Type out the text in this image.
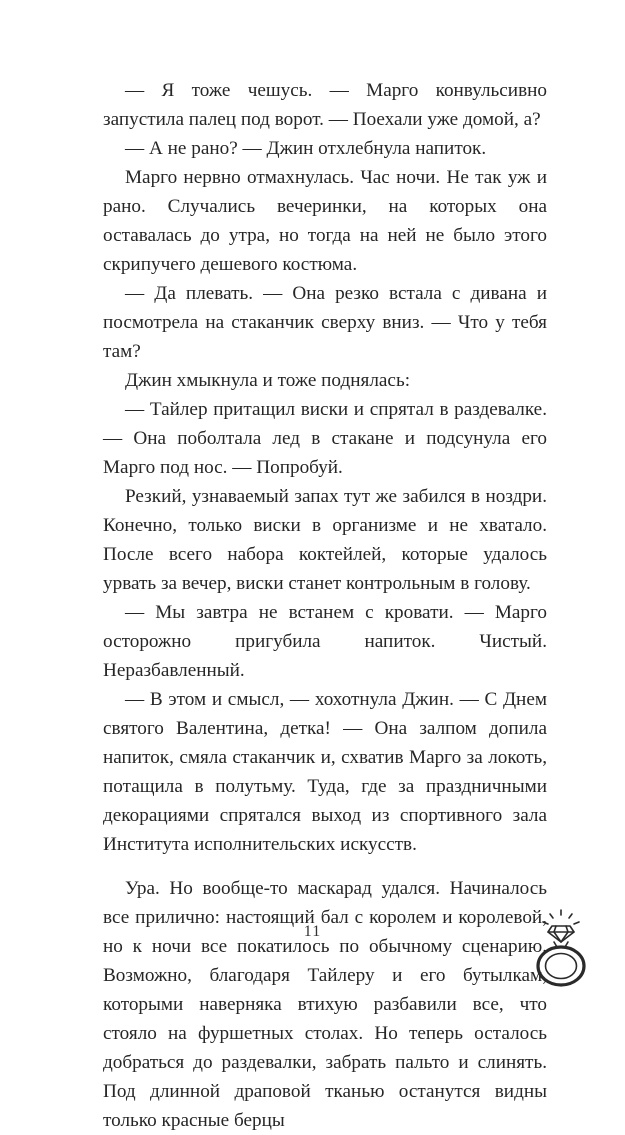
— Я тоже чешусь. — Марго конвульсивно запустила палец под ворот. — Поехали уже домой, а?

— А не рано? — Джин отхлебнула напиток.

Марго нервно отмахнулась. Час ночи. Не так уж и рано. Случались вечеринки, на которых она оставалась до утра, но тогда на ней не было этого скрипучего дешевого костюма.

— Да плевать. — Она резко встала с дивана и посмотрела на стаканчик сверху вниз. — Что у тебя там?

Джин хмыкнула и тоже поднялась:

— Тайлер притащил виски и спрятал в раздевалке. — Она поболтала лед в стакане и подсунула его Марго под нос. — Попробуй.

Резкий, узнаваемый запах тут же забился в ноздри. Конечно, только виски в организме и не хватало. После всего набора коктейлей, которые удалось урвать за вечер, виски станет контрольным в голову.

— Мы завтра не встанем с кровати. — Марго осторожно пригубила напиток. Чистый. Неразбавленный.

— В этом и смысл, — хохотнула Джин. — С Днем святого Валентина, детка! — Она залпом допила напиток, смяла стаканчик и, схватив Марго за локоть, потащила в полутьму. Туда, где за праздничными декорациями спрятался выход из спортивного зала Института исполнительских искусств.

Ура. Но вообще-то маскарад удался. Начиналось все прилично: настоящий бал с королем и королевой, но к ночи все покатилось по обычному сценарию. Возможно, благодаря Тайлеру и его бутылкам, которыми наверняка втихую разбавили все, что стояло на фуршетных столах. Но теперь осталось добраться до раздевалки, забрать пальто и слинять. Под длинной драповой тканью останутся видны только красные берцы

11
